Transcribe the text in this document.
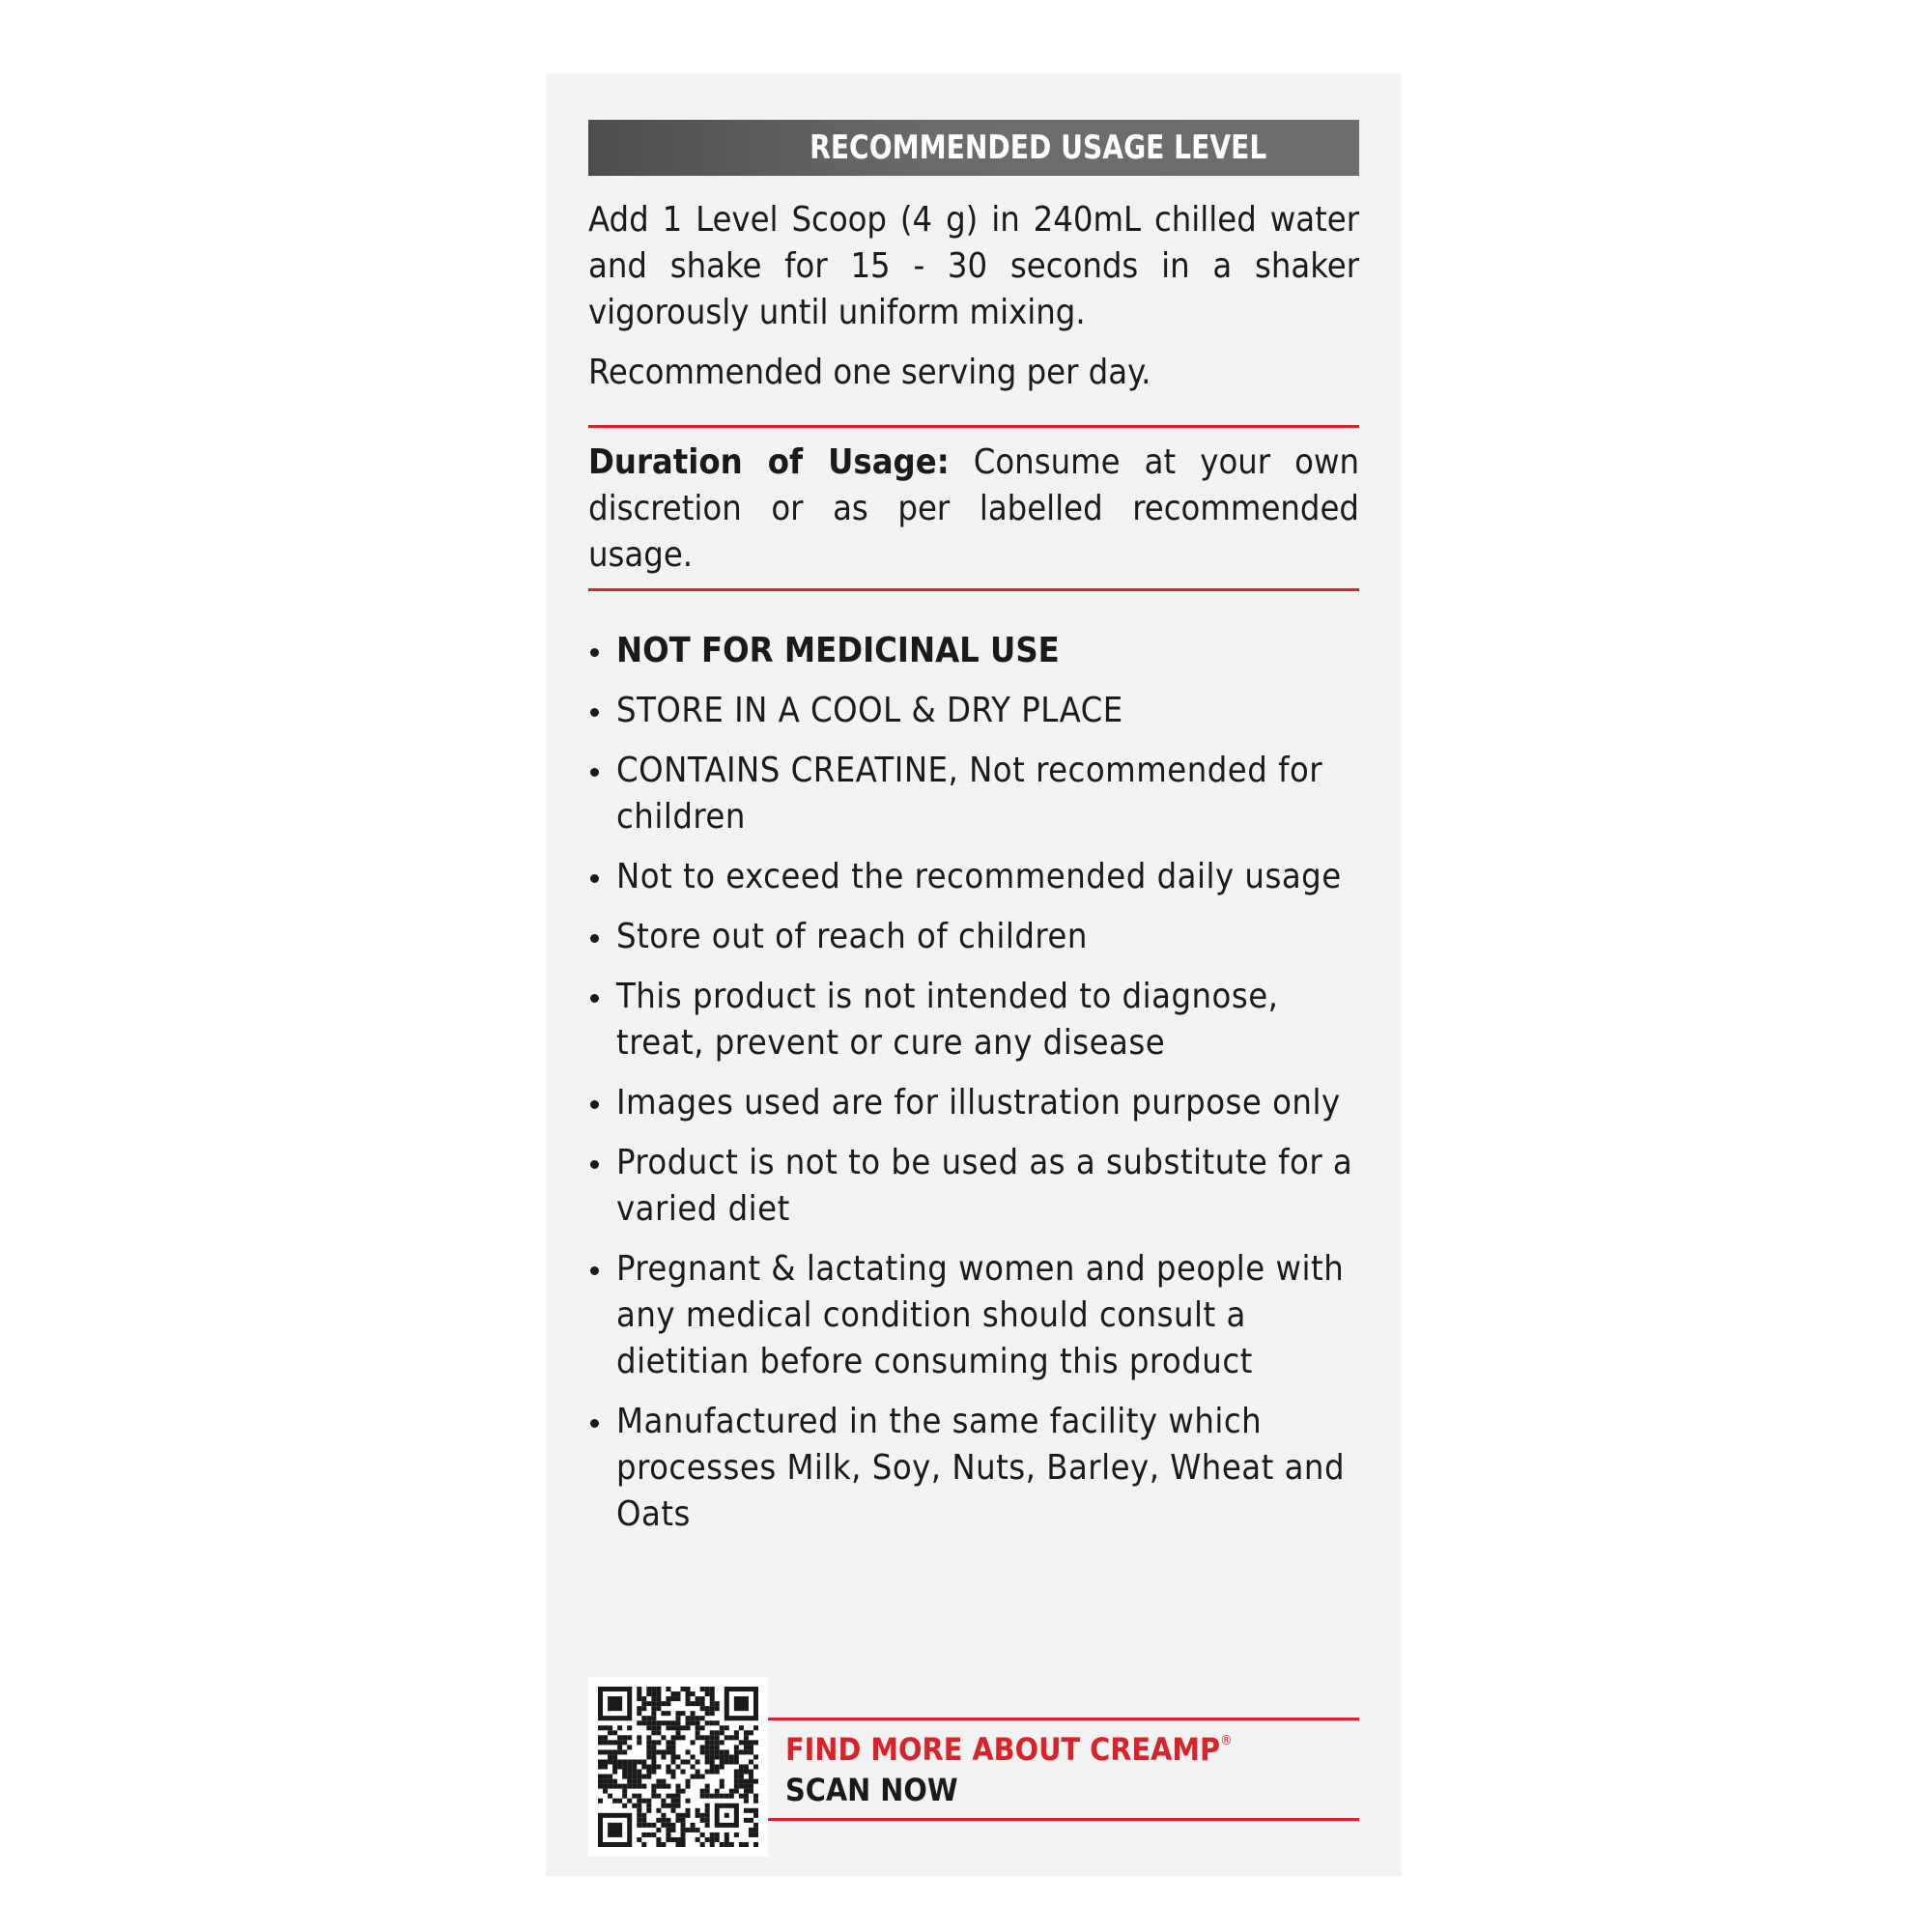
RECOMMENDED USAGE LEVEL

Add 1 Level Scoop (4 g) in 240mL chilled water and shake for 15 - 30 seconds in a shaker vigorously until uniform mixing.

Recommended one serving per day.

Duration of Usage: Consume at your own discretion or as per labelled recommended usage.

NOT FOR MEDICINAL USE
STORE IN A COOL & DRY PLACE
CONTAINS CREATINE, Not recommended for children
Not to exceed the recommended daily usage
Store out of reach of children
This product is not intended to diagnose, treat, prevent or cure any disease
Images used are for illustration purpose only
Product is not to be used as a substitute for a varied diet
Pregnant & lactating women and people with any medical condition should consult a dietitian before consuming this product
Manufactured in the same facility which processes Milk, Soy, Nuts, Barley, Wheat and Oats
FIND MORE ABOUT CREAMP®
SCAN NOW
